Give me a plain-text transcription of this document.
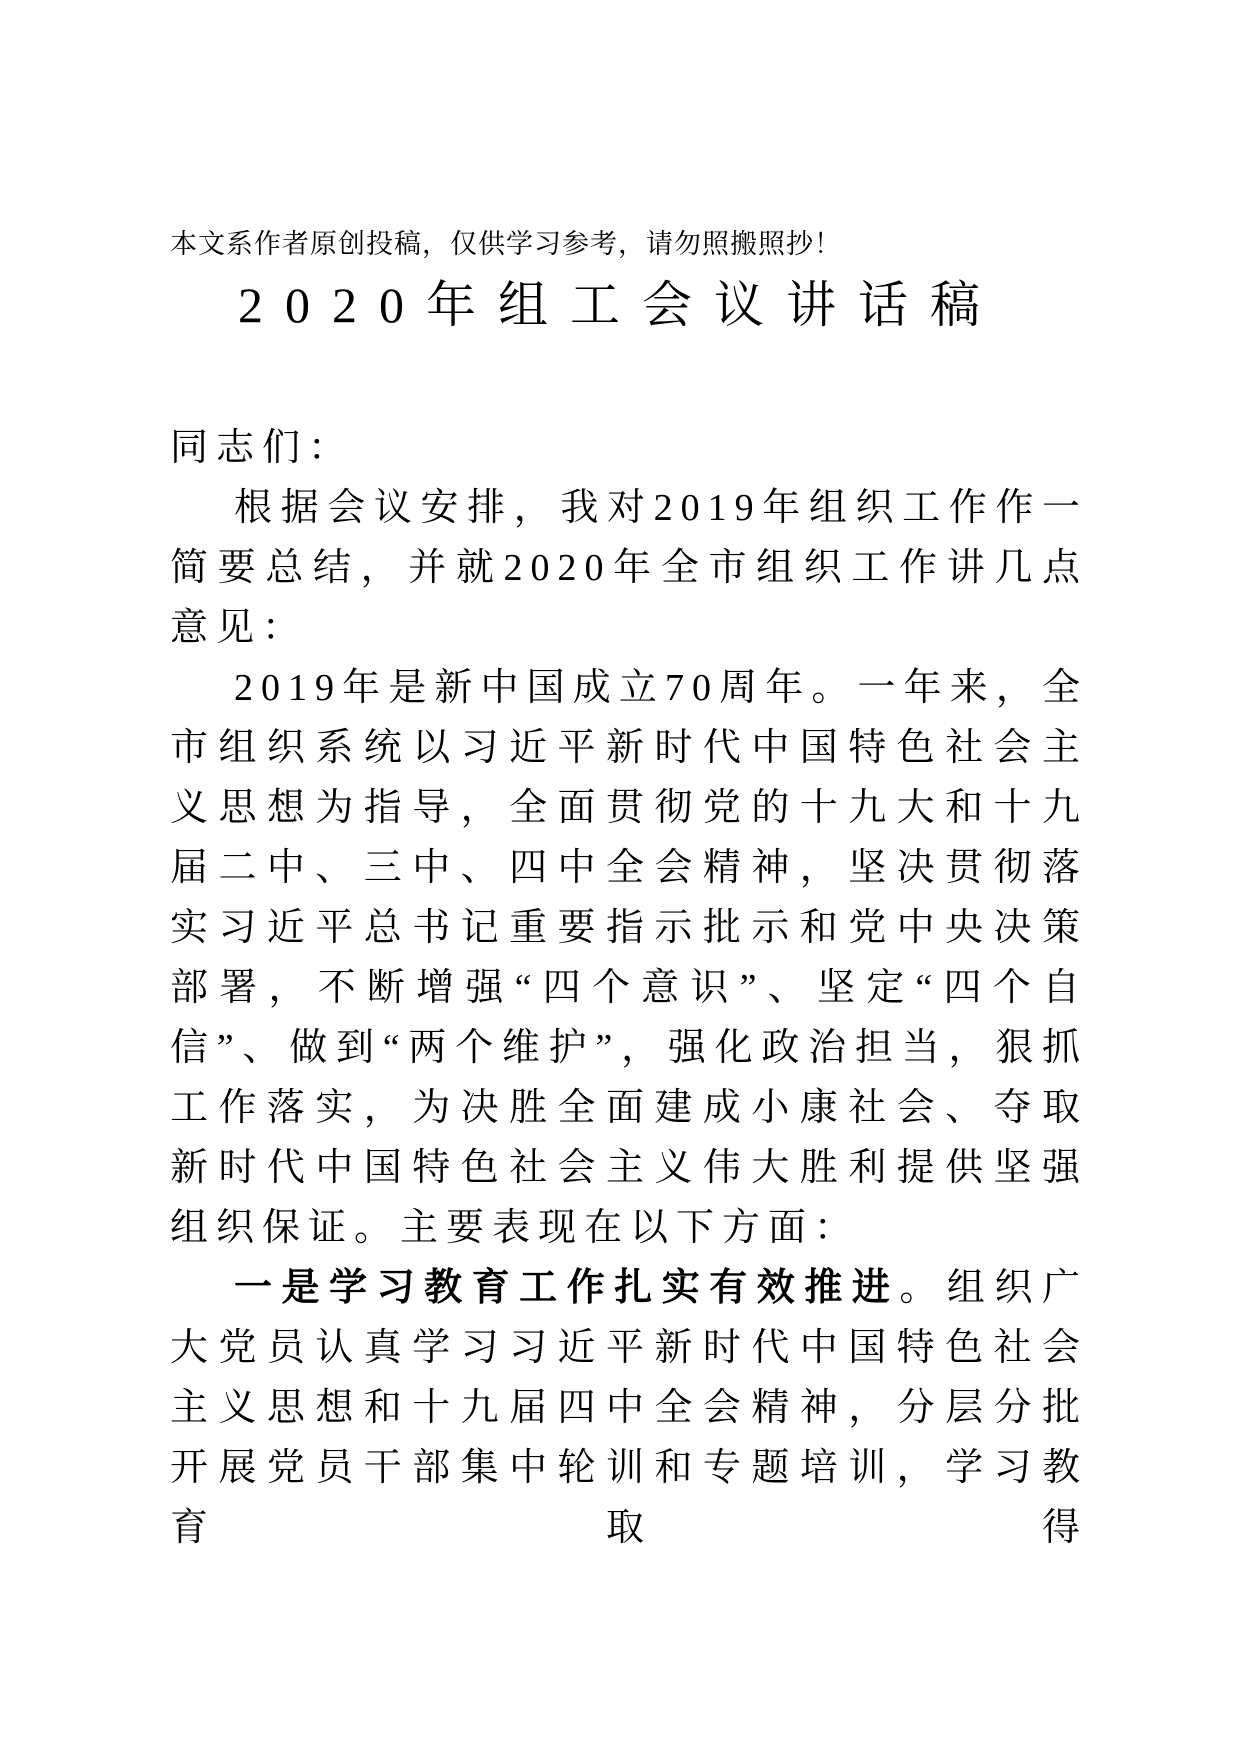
本文系作者原创投稿，仅供学习参考，请勿照搬照抄！

2020年组工会议讲话稿

同志们：

根据会议安排，我对2019年组织工作作一简要总结，并就2020年全市组织工作讲几点意见：

2019年是新中国成立70周年。一年来，全市组织系统以习近平新时代中国特色社会主义思想为指导，全面贯彻党的十九大和十九届二中、三中、四中全会精神，坚决贯彻落实习近平总书记重要指示批示和党中央决策部署，不断增强“四个意识”、坚定“四个自信”、做到“两个维护”，强化政治担当，狠抓工作落实，为决胜全面建成小康社会、夺取新时代中国特色社会主义伟大胜利提供坚强组织保证。主要表现在以下方面：

一是学习教育工作扎实有效推进。组织广大党员认真学习习近平新时代中国特色社会主义思想和十九届四中全会精神，分层分批开展党员干部集中轮训和专题培训，学习教育取得
